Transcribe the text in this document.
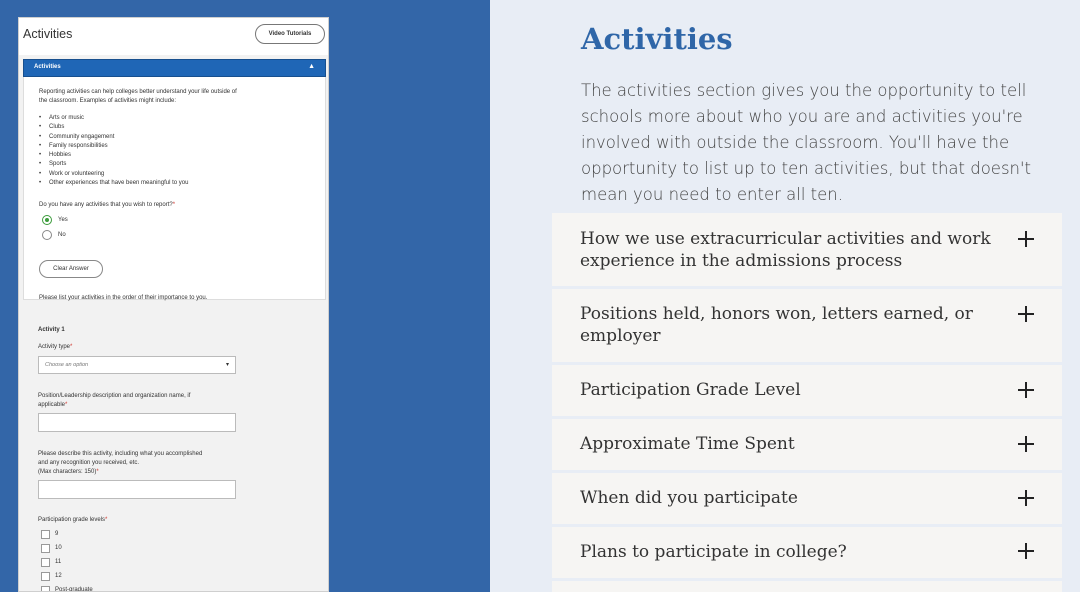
Activities	Video Tutorials
Activities	▲
Reporting activities can help colleges better understand your life outside of
the classroom. Examples of activities might include:
• Arts or music
• Clubs
• Community engagement
• Family responsibilities
• Hobbies
• Sports
• Work or volunteering
• Other experiences that have been meaningful to you
Do you have any activities that you wish to report?*
Yes
No
Clear Answer
Please list your activities in the order of their importance to you.
Activity 1
Activity type*
Choose an option	▾
Position/Leadership description and organization name, if
applicable*
Please describe this activity, including what you accomplished
and any recognition you received, etc.
(Max characters: 150)*
Participation grade levels*
9
10
11
12
Post-graduate
Activities

The activities section gives you the opportunity to tell schools more about who you are and activities you're involved with outside the classroom. You'll have the opportunity to list up to ten activities, but that doesn't mean you need to enter all ten.

How we use extracurricular activities and work experience in the admissions process
Positions held, honors won, letters earned, or employer
Participation Grade Level
Approximate Time Spent
When did you participate
Plans to participate in college?
